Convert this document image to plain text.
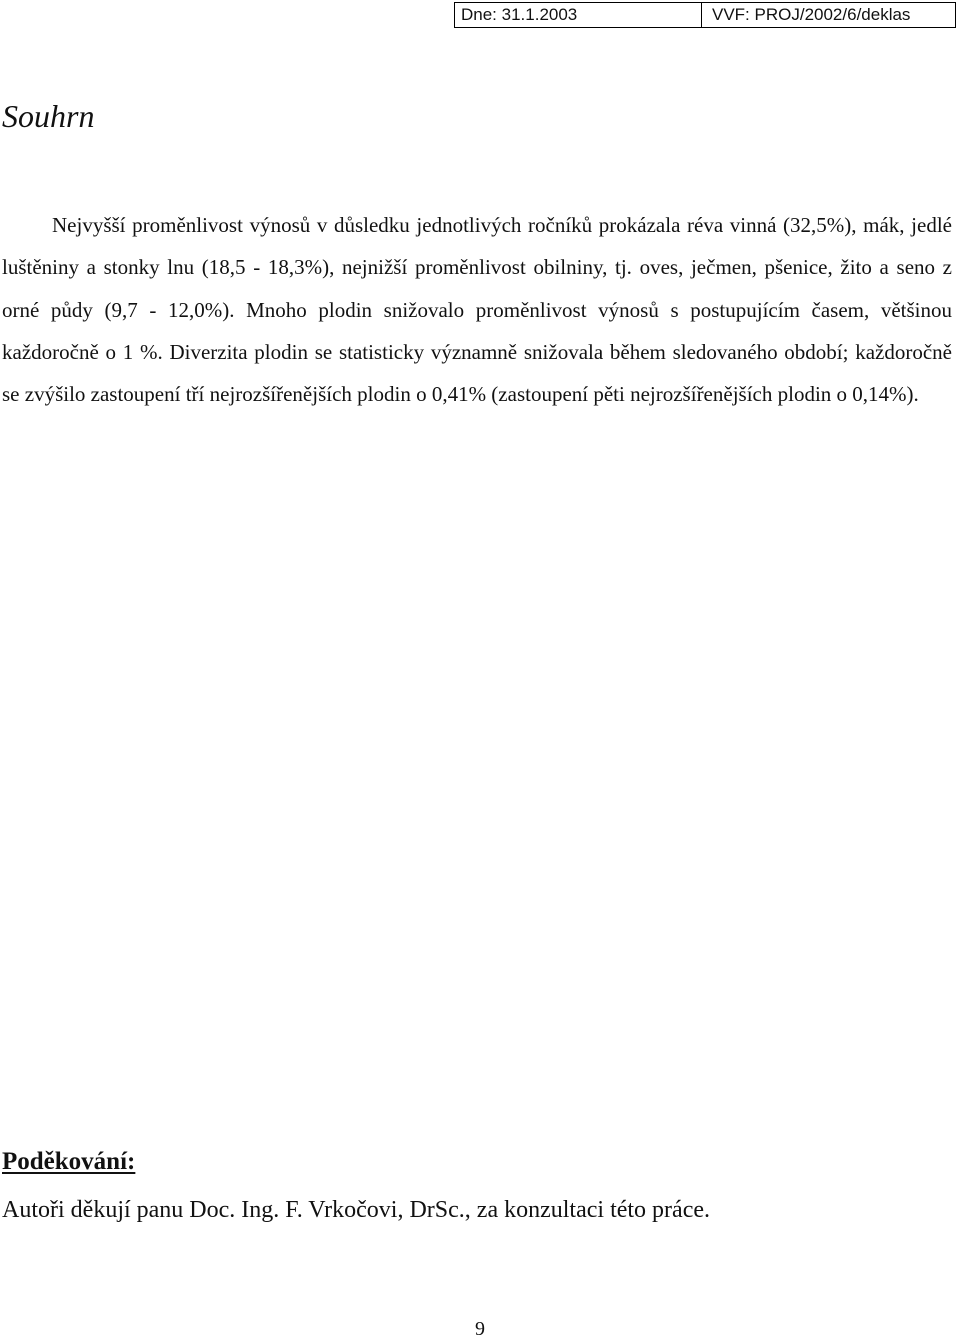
Dne: 31.1.2003	VVF: PROJ/2002/6/deklas
Souhrn

Nejvyšší proměnlivost výnosů v důsledku jednotlivých ročníků prokázala réva vinná (32,5%), mák, jedlé luštěniny a stonky lnu (18,5 - 18,3%), nejnižší proměnlivost obilniny, tj. oves, ječmen, pšenice, žito a seno z orné půdy (9,7 - 12,0%). Mnoho plodin snižovalo proměnlivost výnosů s postupujícím časem, většinou každoročně o 1 %. Diverzita plodin se statisticky významně snižovala během sledovaného období; každoročně se zvýšilo zastoupení tří nejrozšířenějších plodin o 0,41% (zastoupení pěti nejrozšířenějších plodin o 0,14%).

Poděkování:

Autoři děkují panu Doc. Ing. F. Vrkočovi, DrSc., za konzultaci této práce.

9
